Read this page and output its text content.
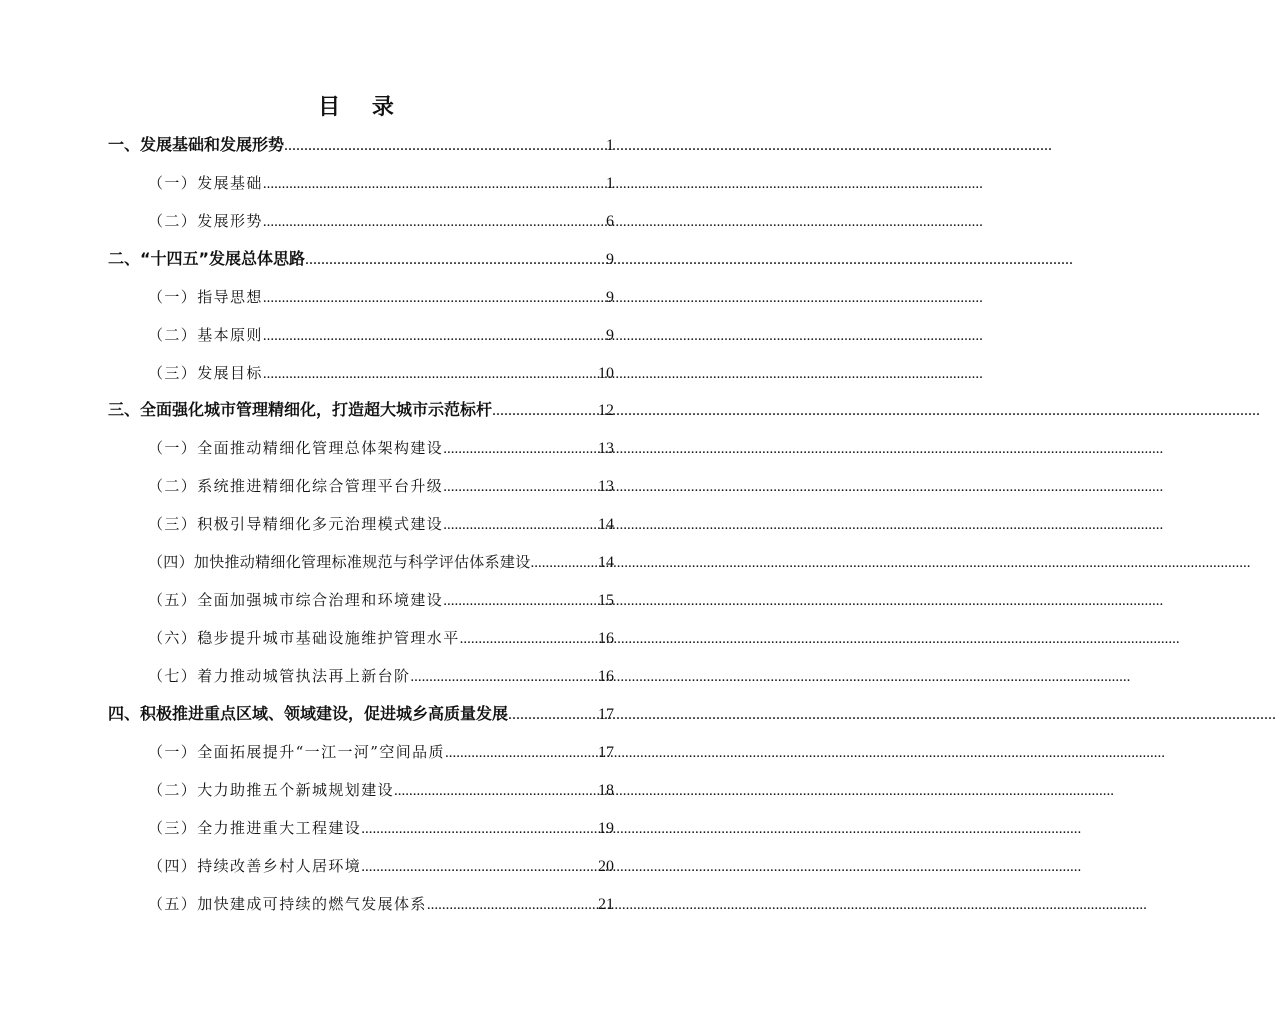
目 录
一、发展基础和发展形势 .....	1
（一）发展基础 .....	1
（二）发展形势 .....	6
二、“十四五”发展总体思路 .....	9
（一）指导思想 .....	9
（二）基本原则 .....	9
（三）发展目标 .....	10
三、全面强化城市管理精细化，打造超大城市示范标杆 .....	12
（一）全面推动精细化管理总体架构建设 .....	13
（二）系统推进精细化综合管理平台升级 .....	13
（三）积极引导精细化多元治理模式建设 .....	14
（四）加快推动精细化管理标准规范与科学评估体系建设 .....	14
（五）全面加强城市综合治理和环境建设 .....	15
（六）稳步提升城市基础设施维护管理水平 .....	16
（七）着力推动城管执法再上新台阶 .....	16
四、积极推进重点区域、领域建设，促进城乡高质量发展 .....	17
（一）全面拓展提升“一江一河”空间品质 .....	17
（二）大力助推五个新城规划建设 .....	18
（三）全力推进重大工程建设 .....	19
（四）持续改善乡村人居环境 .....	20
（五）加快建成可持续的燃气发展体系 .....	21
